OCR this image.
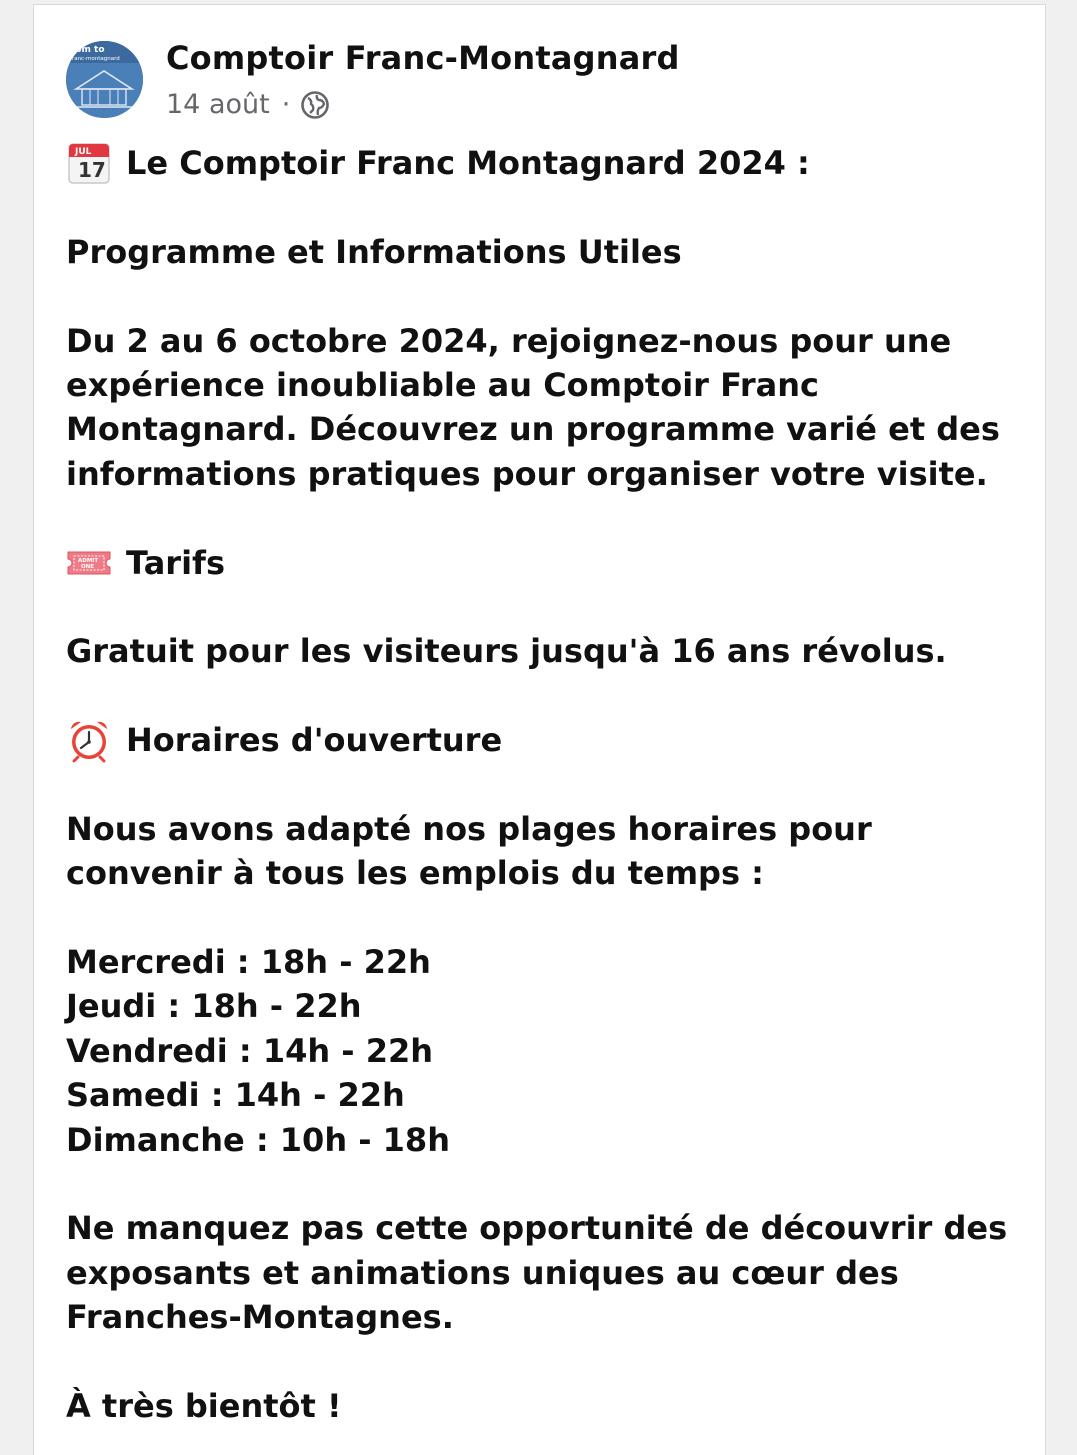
com to
franc-montagnard Comptoir Franc-Montagnard
14 août ·
JUL
17 Le Comptoir Franc Montagnard 2024 :
Programme et Informations Utiles
Du 2 au 6 octobre 2024, rejoignez-nous pour une
expérience inoubliable au Comptoir Franc
Montagnard. Découvrez un programme varié et des
informations pratiques pour organiser votre visite.
ADMIT
ONE Tarifs
Gratuit pour les visiteurs jusqu'à 16 ans révolus.
Horaires d'ouverture
Nous avons adapté nos plages horaires pour
convenir à tous les emplois du temps :
Mercredi : 18h - 22h
Jeudi : 18h - 22h
Vendredi : 14h - 22h
Samedi : 14h - 22h
Dimanche : 10h - 18h
Ne manquez pas cette opportunité de découvrir des
exposants et animations uniques au cœur des
Franches-Montagnes.
À très bientôt !
